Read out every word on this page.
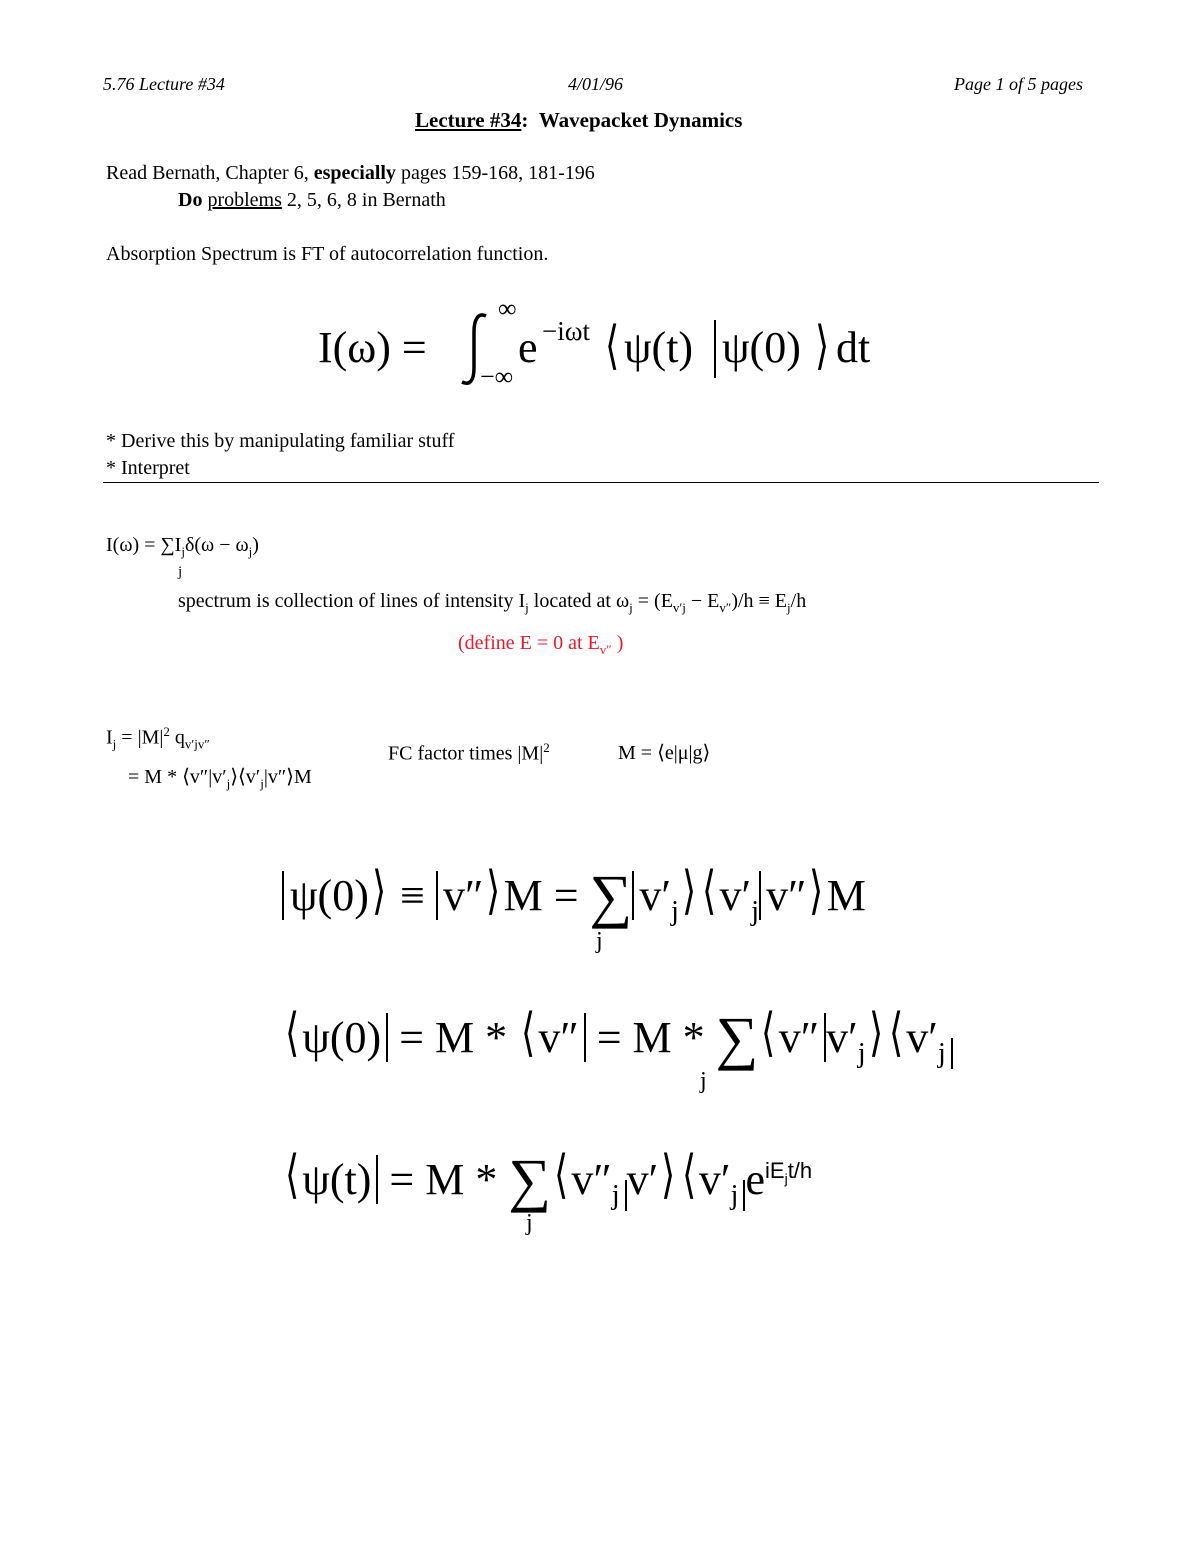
5.76 Lecture #34	4/01/96	Page 1 of 5 pages
Lecture #34: Wavepacket Dynamics
Read Bernath, Chapter 6, especially pages 159-168, 181-196
Do problems 2, 5, 6, 8 in Bernath
Absorption Spectrum is FT of autocorrelation function.
I(ω) =
∞
−∞
e −iωt ⟨ ψ(t) ψ(0) ⟩ dt
* Derive this by manipulating familiar stuff
* Interpret
$I(\omega) = \sum I_j\delta(\omega - \omega_j)$
j
spectrum is collection of lines of intensity $I_j$ located at $\omega_j = (E_{v'j} - E_{v''})/h \equiv E_j/h$
(define E = 0 at $E_{v''}$ )
$I_j = |M|^2$ $q_{v'jv''}$
= M * $⟨v''|v'_j⟩⟨v'_j|v''⟩M$
FC factor times $|M|^2$	M = ⟨e|μ|g⟩
ψ(0)⟩ ≡ v″⟩M = ∑ $v'_j⟩$ $⟨v'_j$ v″⟩M
j
⟨ψ(0) = M * ⟨v″ = M * ∑⟨v″ $v'_j⟩$ $⟨v'_j$
j
⟨ψ(t) = M * $\sum⟨v''_j$ v′⟩ $⟨v'_j$ $e^{iE_jt/h}$
j
